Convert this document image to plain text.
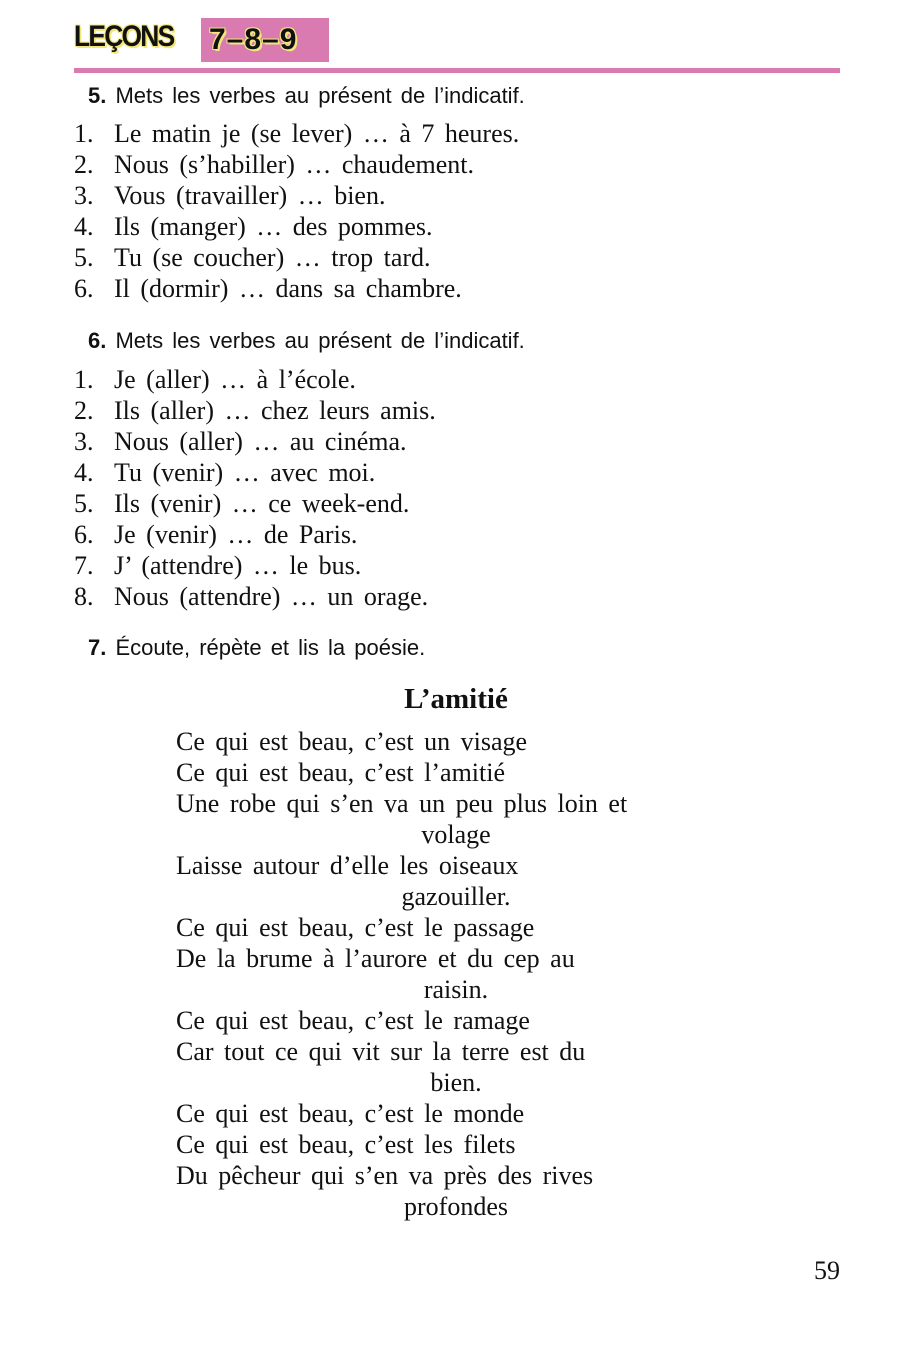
LEÇONS 7–8–9
5. Mets les verbes au présent de l’indicatif.
1. Le matin je (se lever) … à 7 heures.
2. Nous (s’habiller) … chaudement.
3. Vous (travailler) … bien.
4. Ils (manger) … des pommes.
5. Tu (se coucher) … trop tard.
6. Il (dormir) … dans sa chambre.
6. Mets les verbes au présent de l’indicatif.
1. Je (aller) … à l’école.
2. Ils (aller) … chez leurs amis.
3. Nous (aller) … au cinéma.
4. Tu (venir) … avec moi.
5. Ils (venir) … ce week-end.
6. Je (venir) … de Paris.
7. J’ (attendre) … le bus.
8. Nous (attendre) … un orage.
7. Écoute, répète et lis la poésie.
L’amitié
Ce qui est beau, c’est un visage
Ce qui est beau, c’est l’amitié
Une robe qui s’en va un peu plus loin et
volage
Laisse autour d’elle les oiseaux
gazouiller.
Ce qui est beau, c’est le passage
De la brume à l’aurore et du cep au
raisin.
Ce qui est beau, c’est le ramage
Car tout ce qui vit sur la terre est du
bien.
Ce qui est beau, c’est le monde
Ce qui est beau, c’est les filets
Du pêcheur qui s’en va près des rives
profondes
59
